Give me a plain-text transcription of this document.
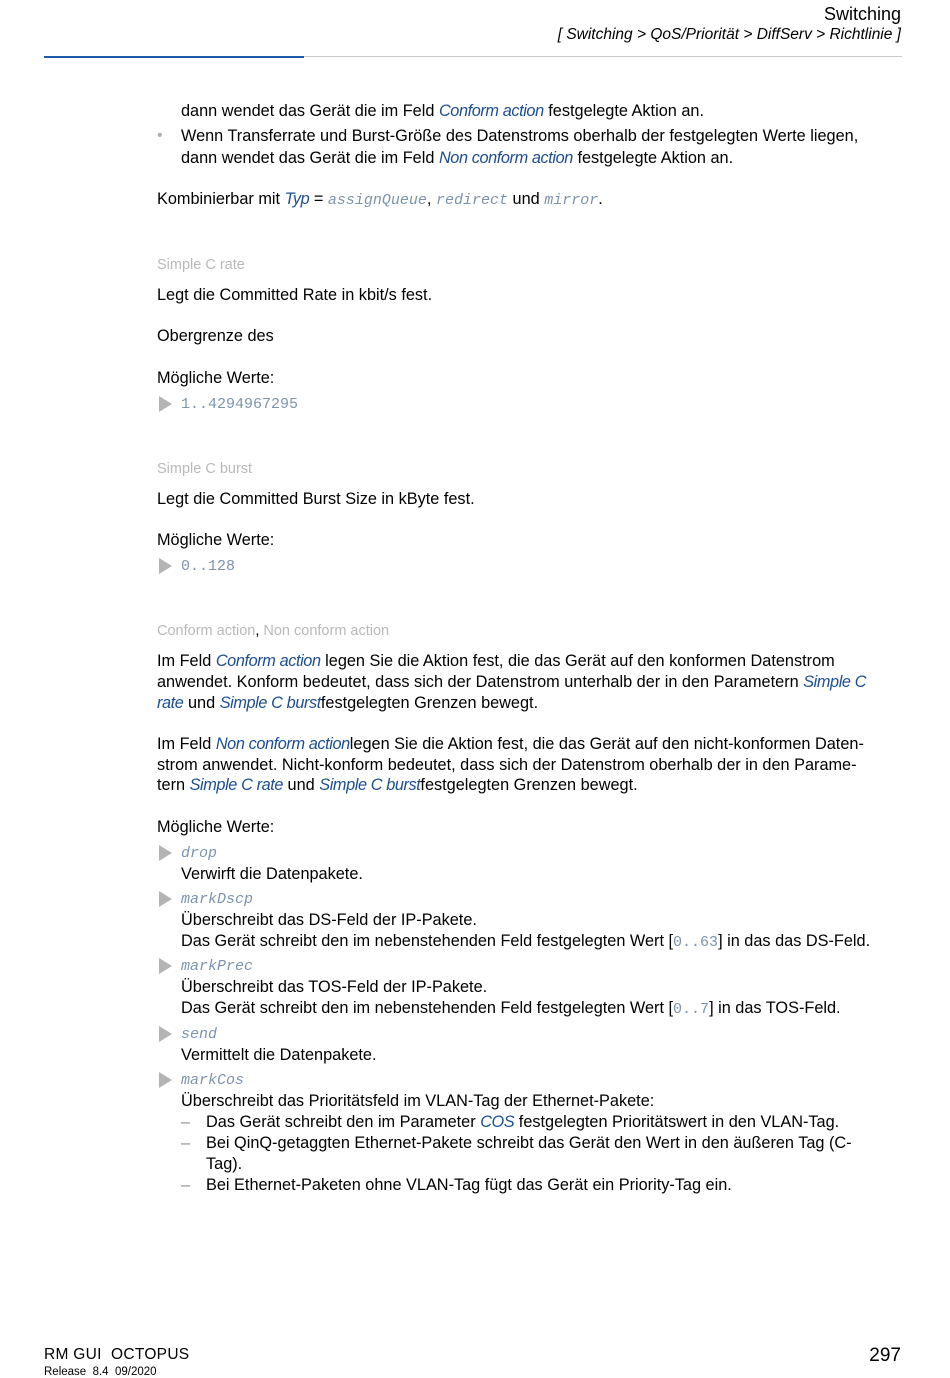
Switching
[ Switching > QoS/Priorität > DiffServ > Richtlinie ]
dann wendet das Gerät die im Feld Conform action festgelegte Aktion an.
• Wenn Transferrate und Burst-Größe des Datenstroms oberhalb der festgelegten Werte liegen,
dann wendet das Gerät die im Feld Non conform action festgelegte Aktion an.
Kombinierbar mit Typ = assignQueue, redirect und mirror.
Simple C rate
Legt die Committed Rate in kbit/s fest.
Obergrenze des
Mögliche Werte:
1..4294967295
Simple C burst
Legt die Committed Burst Size in kByte fest.
Mögliche Werte:
0..128
Conform action, Non conform action
Im Feld Conform action legen Sie die Aktion fest, die das Gerät auf den konformen Datenstrom
anwendet. Konform bedeutet, dass sich der Datenstrom unterhalb der in den Parametern Simple C
rate und Simple C burstfestgelegten Grenzen bewegt.
Im Feld Non conform actionlegen Sie die Aktion fest, die das Gerät auf den nicht-konformen Daten-
strom anwendet. Nicht-konform bedeutet, dass sich der Datenstrom oberhalb der in den Parame-
tern Simple C rate und Simple C burstfestgelegten Grenzen bewegt.
Mögliche Werte:
drop
Verwirft die Datenpakete.
markDscp
Überschreibt das DS-Feld der IP-Pakete.
Das Gerät schreibt den im nebenstehenden Feld festgelegten Wert [0..63] in das das DS-Feld.
markPrec
Überschreibt das TOS-Feld der IP-Pakete.
Das Gerät schreibt den im nebenstehenden Feld festgelegten Wert [0..7] in das TOS-Feld.
send
Vermittelt die Datenpakete.
markCos
Überschreibt das Prioritätsfeld im VLAN-Tag der Ethernet-Pakete:
– Das Gerät schreibt den im Parameter COS festgelegten Prioritätswert in den VLAN-Tag.
– Bei QinQ-getaggten Ethernet-Pakete schreibt das Gerät den Wert in den äußeren Tag (C-
Tag).
– Bei Ethernet-Paketen ohne VLAN-Tag fügt das Gerät ein Priority-Tag ein.
RM GUI  OCTOPUS
Release  8.4  09/2020
297
